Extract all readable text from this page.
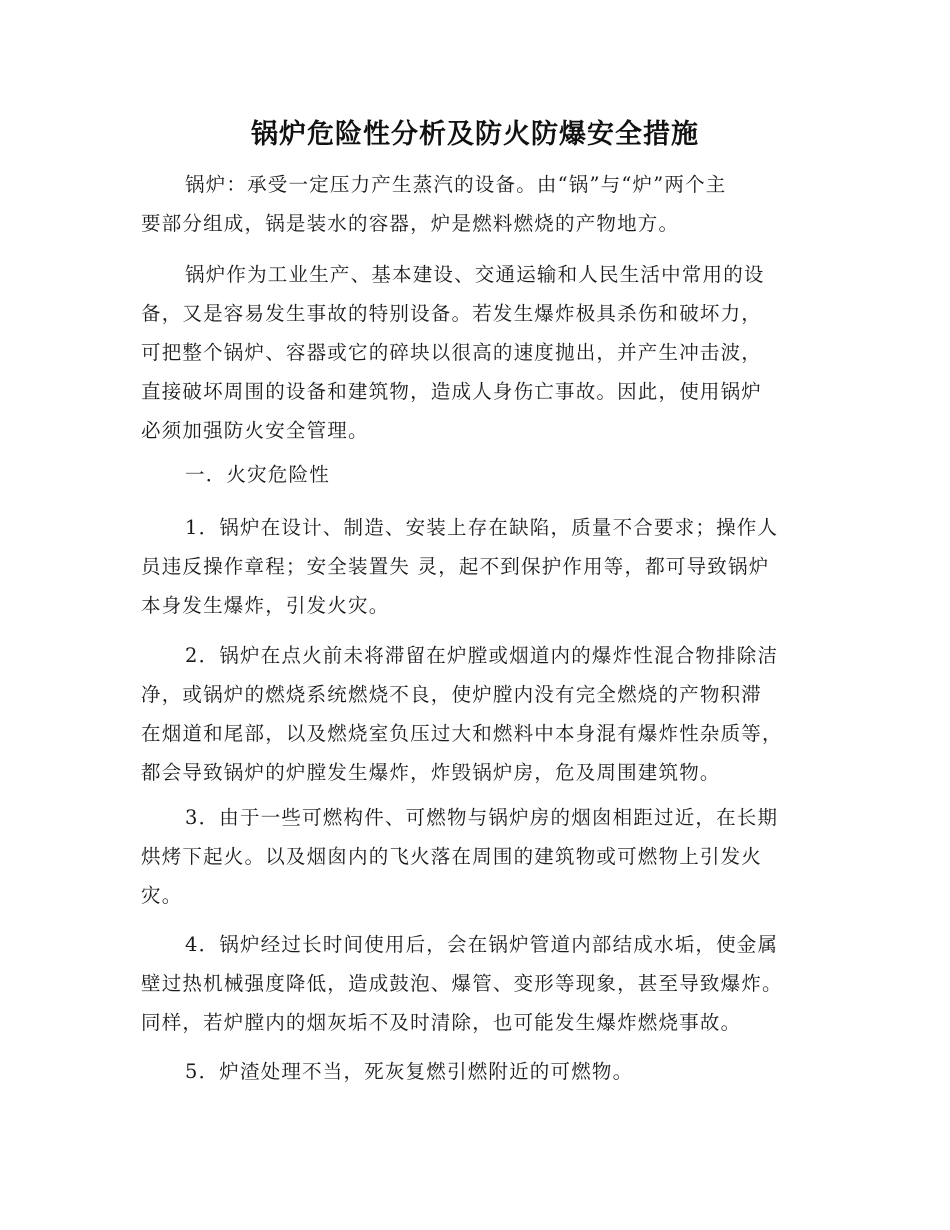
锅炉危险性分析及防火防爆安全措施
锅炉：承受一定压力产生蒸汽的设备。由“锅”与“炉”两个主
要部分组成，锅是装水的容器，炉是燃料燃烧的产物地方。
锅炉作为工业生产、基本建设、交通运输和人民生活中常用的设
备，又是容易发生事故的特别设备。若发生爆炸极具杀伤和破坏力，
可把整个锅炉、容器或它的碎块以很高的速度抛出，并产生冲击波，
直接破坏周围的设备和建筑物，造成人身伤亡事故。因此，使用锅炉
必须加强防火安全管理。
一．火灾危险性
1．锅炉在设计、制造、安装上存在缺陷，质量不合要求；操作人
员违反操作章程；安全装置失 灵，起不到保护作用等，都可导致锅炉
本身发生爆炸，引发火灾。
2．锅炉在点火前未将滞留在炉膛或烟道内的爆炸性混合物排除洁
净，或锅炉的燃烧系统燃烧不良，使炉膛内没有完全燃烧的产物积滞
在烟道和尾部，以及燃烧室负压过大和燃料中本身混有爆炸性杂质等，
都会导致锅炉的炉膛发生爆炸，炸毁锅炉房，危及周围建筑物。
3．由于一些可燃构件、可燃物与锅炉房的烟囱相距过近，在长期
烘烤下起火。以及烟囱内的飞火落在周围的建筑物或可燃物上引发火
灾。
4．锅炉经过长时间使用后，会在锅炉管道内部结成水垢，使金属
壁过热机械强度降低，造成鼓泡、爆管、变形等现象，甚至导致爆炸。
同样，若炉膛内的烟灰垢不及时清除，也可能发生爆炸燃烧事故。
5．炉渣处理不当，死灰复燃引燃附近的可燃物。
